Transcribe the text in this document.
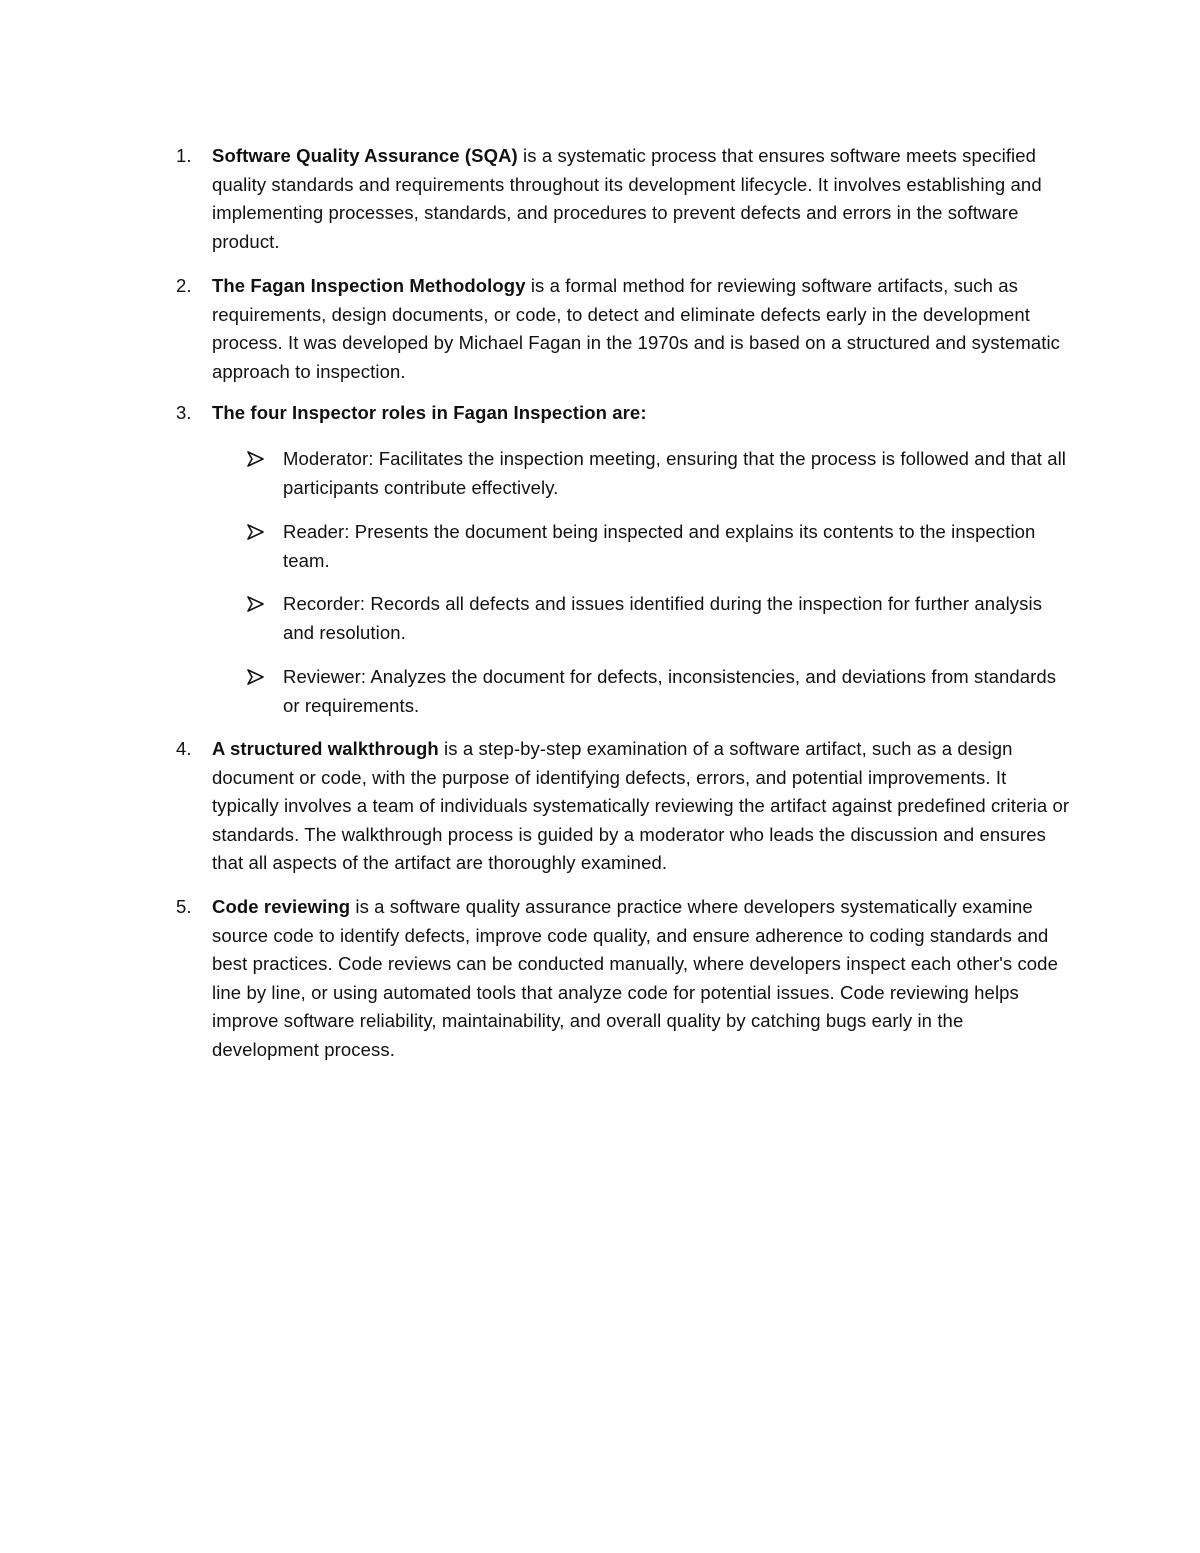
1.	Software Quality Assurance (SQA) is a systematic process that ensures software meets specified quality standards and requirements throughout its development lifecycle. It involves establishing and implementing processes, standards, and procedures to prevent defects and errors in the software product.
2.	The Fagan Inspection Methodology is a formal method for reviewing software artifacts, such as requirements, design documents, or code, to detect and eliminate defects early in the development process. It was developed by Michael Fagan in the 1970s and is based on a structured and systematic approach to inspection.
3.	The four Inspector roles in Fagan Inspection are:
Moderator: Facilitates the inspection meeting, ensuring that the process is followed and that all participants contribute effectively.
Reader: Presents the document being inspected and explains its contents to the inspection team.
Recorder: Records all defects and issues identified during the inspection for further analysis and resolution.
Reviewer: Analyzes the document for defects, inconsistencies, and deviations from standards or requirements.
4.	A structured walkthrough is a step-by-step examination of a software artifact, such as a design document or code, with the purpose of identifying defects, errors, and potential improvements. It typically involves a team of individuals systematically reviewing the artifact against predefined criteria or standards. The walkthrough process is guided by a moderator who leads the discussion and ensures that all aspects of the artifact are thoroughly examined.
5.	Code reviewing is a software quality assurance practice where developers systematically examine source code to identify defects, improve code quality, and ensure adherence to coding standards and best practices. Code reviews can be conducted manually, where developers inspect each other's code line by line, or using automated tools that analyze code for potential issues. Code reviewing helps improve software reliability, maintainability, and overall quality by catching bugs early in the development process.
